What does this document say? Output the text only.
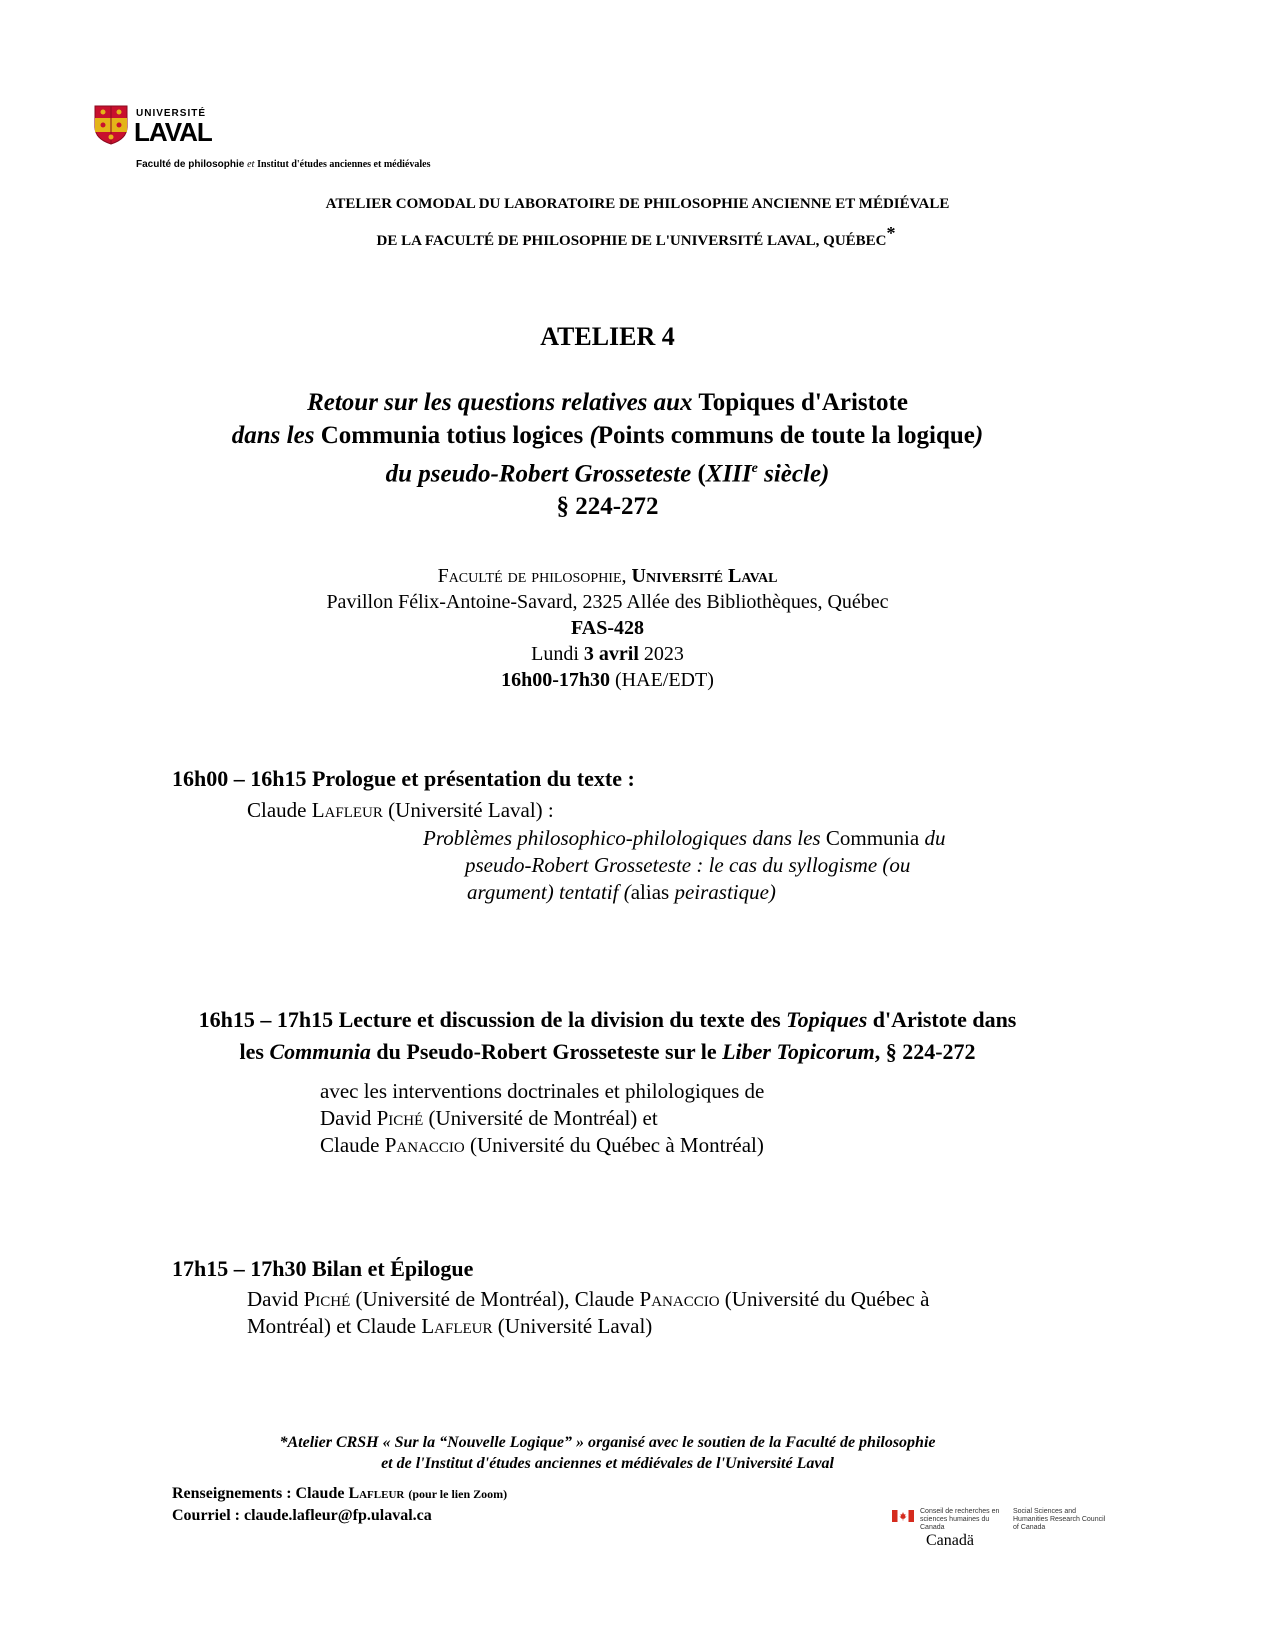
UNIVERSITÉ
LAVAL
Faculté de philosophie et Institut d'études anciennes et médiévales
ATELIER COMODAL DU LABORATOIRE DE PHILOSOPHIE ANCIENNE ET MÉDIÉVALE
DE LA FACULTÉ DE PHILOSOPHIE DE L'UNIVERSITÉ LAVAL, QUÉBEC*
ATELIER 4
Retour sur les questions relatives aux Topiques d'Aristote
dans les Communia totius logices (Points communs de toute la logique)
du pseudo-Robert Grosseteste (XIIIe siècle)
§ 224-272
Faculté de philosophie, Université Laval
Pavillon Félix-Antoine-Savard, 2325 Allée des Bibliothèques, Québec
FAS-428
Lundi 3 avril 2023
16h00-17h30 (HAE/EDT)
16h00 – 16h15 Prologue et présentation du texte :
Claude Lafleur (Université Laval) :
Problèmes philosophico-philologiques dans les Communia du
pseudo-Robert Grosseteste : le cas du syllogisme (ou
argument) tentatif (alias peirastique)
16h15 – 17h15 Lecture et discussion de la division du texte des Topiques d'Aristote dans
les Communia du Pseudo-Robert Grosseteste sur le Liber Topicorum, § 224-272
avec les interventions doctrinales et philologiques de
David Piché (Université de Montréal) et
Claude Panaccio (Université du Québec à Montréal)
17h15 – 17h30 Bilan et Épilogue
David Piché (Université de Montréal), Claude Panaccio (Université du Québec à
Montréal) et Claude Lafleur (Université Laval)
*Atelier CRSH « Sur la “Nouvelle Logique” » organisé avec le soutien de la Faculté de philosophie
et de l'Institut d'études anciennes et médiévales de l'Université Laval
Renseignements : Claude Lafleur (pour le lien Zoom)
Courriel : claude.lafleur@fp.ulaval.ca	Conseil de recherches en sciences humaines du Canada
Social Sciences and Humanities Research Council of Canada
Canadä
